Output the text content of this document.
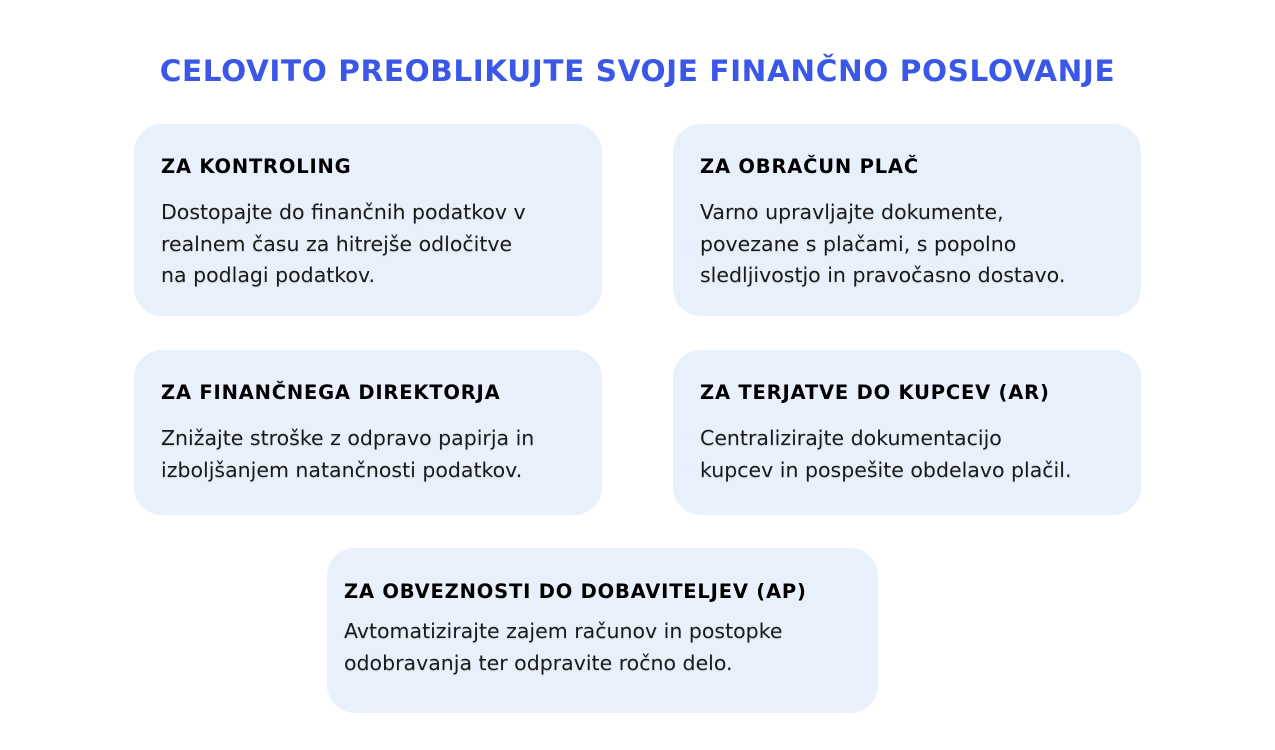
CELOVITO PREOBLIKUJTE SVOJE FINANČNO POSLOVANJE

ZA KONTROLING

Dostopajte do finančnih podatkov v
realnem času za hitrejše odločitve
na podlagi podatkov.

ZA OBRAČUN PLAČ

Varno upravljajte dokumente,
povezane s plačami, s popolno
sledljivostjo in pravočasno dostavo.

ZA FINANČNEGA DIREKTORJA

Znižajte stroške z odpravo papirja in
izboljšanjem natančnosti podatkov.

ZA TERJATVE DO KUPCEV (AR)

Centralizirajte dokumentacijo
kupcev in pospešite obdelavo plačil.

ZA OBVEZNOSTI DO DOBAVITELJEV (AP)

Avtomatizirajte zajem računov in postopke
odobravanja ter odpravite ročno delo.
